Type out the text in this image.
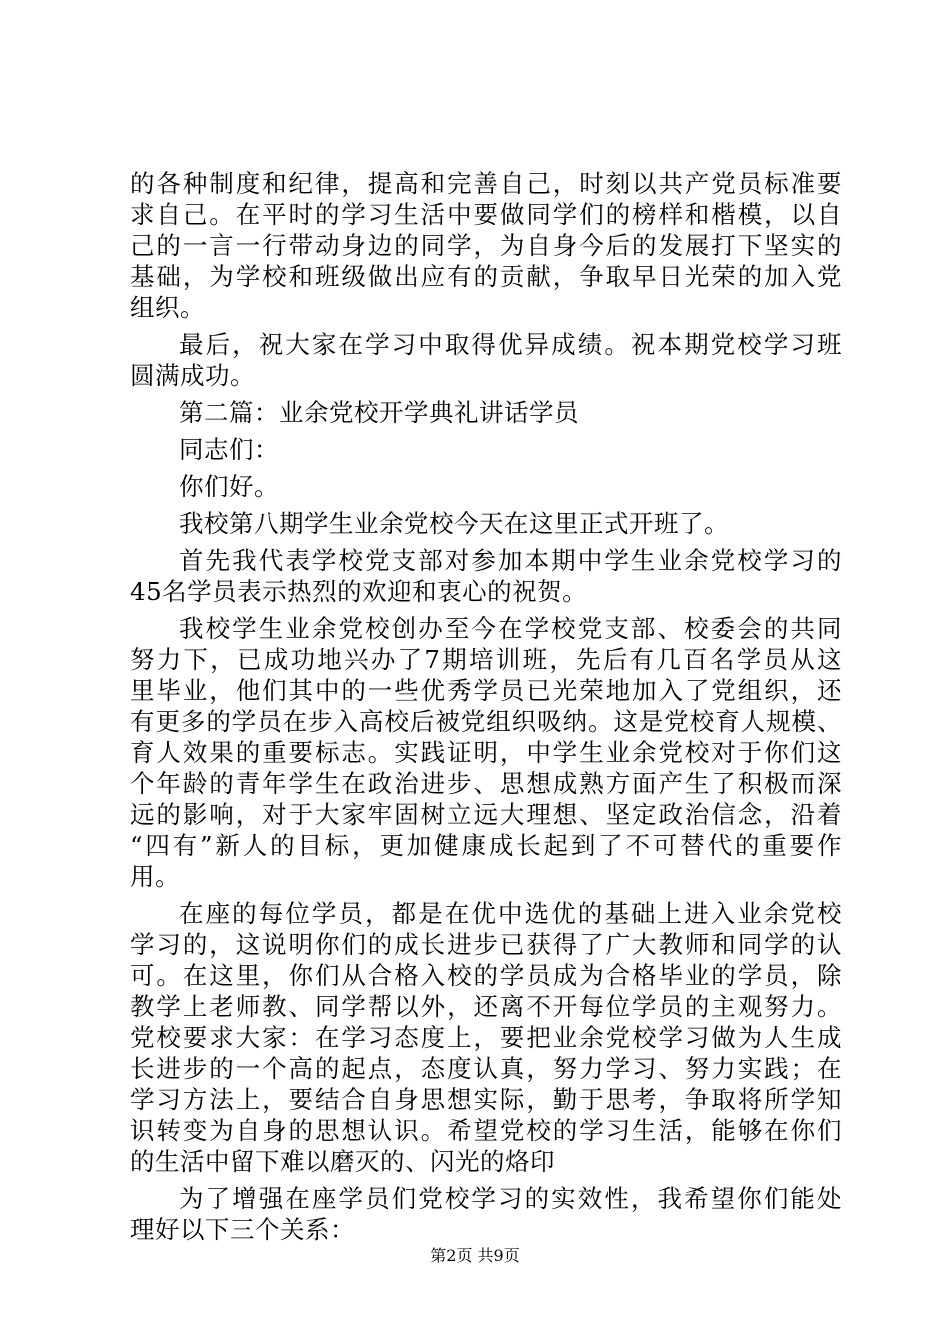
的各种制度和纪律，提高和完善自己，时刻以共产党员标准要
求自己。在平时的学习生活中要做同学们的榜样和楷模，以自
己的一言一行带动身边的同学，为自身今后的发展打下坚实的
基础，为学校和班级做出应有的贡献，争取早日光荣的加入党
组织。
最后，祝大家在学习中取得优异成绩。祝本期党校学习班
圆满成功。
第二篇：业余党校开学典礼讲话学员
同志们：
你们好。
我校第八期学生业余党校今天在这里正式开班了。
首先我代表学校党支部对参加本期中学生业余党校学习的
45名学员表示热烈的欢迎和衷心的祝贺。
我校学生业余党校创办至今在学校党支部、校委会的共同
努力下，已成功地兴办了7期培训班，先后有几百名学员从这
里毕业，他们其中的一些优秀学员已光荣地加入了党组织，还
有更多的学员在步入高校后被党组织吸纳。这是党校育人规模、
育人效果的重要标志。实践证明，中学生业余党校对于你们这
个年龄的青年学生在政治进步、思想成熟方面产生了积极而深
远的影响，对于大家牢固树立远大理想、坚定政治信念，沿着
“四有”新人的目标，更加健康成长起到了不可替代的重要作
用。
在座的每位学员，都是在优中选优的基础上进入业余党校
学习的，这说明你们的成长进步已获得了广大教师和同学的认
可。在这里，你们从合格入校的学员成为合格毕业的学员，除
教学上老师教、同学帮以外，还离不开每位学员的主观努力。
党校要求大家：在学习态度上，要把业余党校学习做为人生成
长进步的一个高的起点，态度认真，努力学习、努力实践；在
学习方法上，要结合自身思想实际，勤于思考，争取将所学知
识转变为自身的思想认识。希望党校的学习生活，能够在你们
的生活中留下难以磨灭的、闪光的烙印
为了增强在座学员们党校学习的实效性，我希望你们能处
理好以下三个关系：
第2页 共9页
